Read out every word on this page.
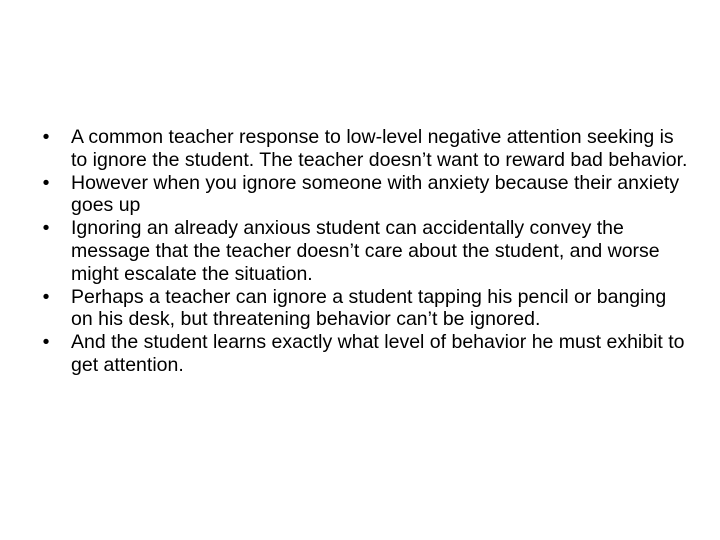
•	A common teacher response to low-level negative attention seeking is to ignore the student. The teacher doesn’t want to reward bad behavior.
•	However when you ignore someone with anxiety because their anxiety goes up
•	Ignoring an already anxious student can accidentally convey the message that the teacher doesn’t care about the student, and worse might escalate the situation.
•	Perhaps a teacher can ignore a student tapping his pencil or banging on his desk, but threatening behavior can’t be ignored.
•	And the student learns exactly what level of behavior he must exhibit to get attention.
